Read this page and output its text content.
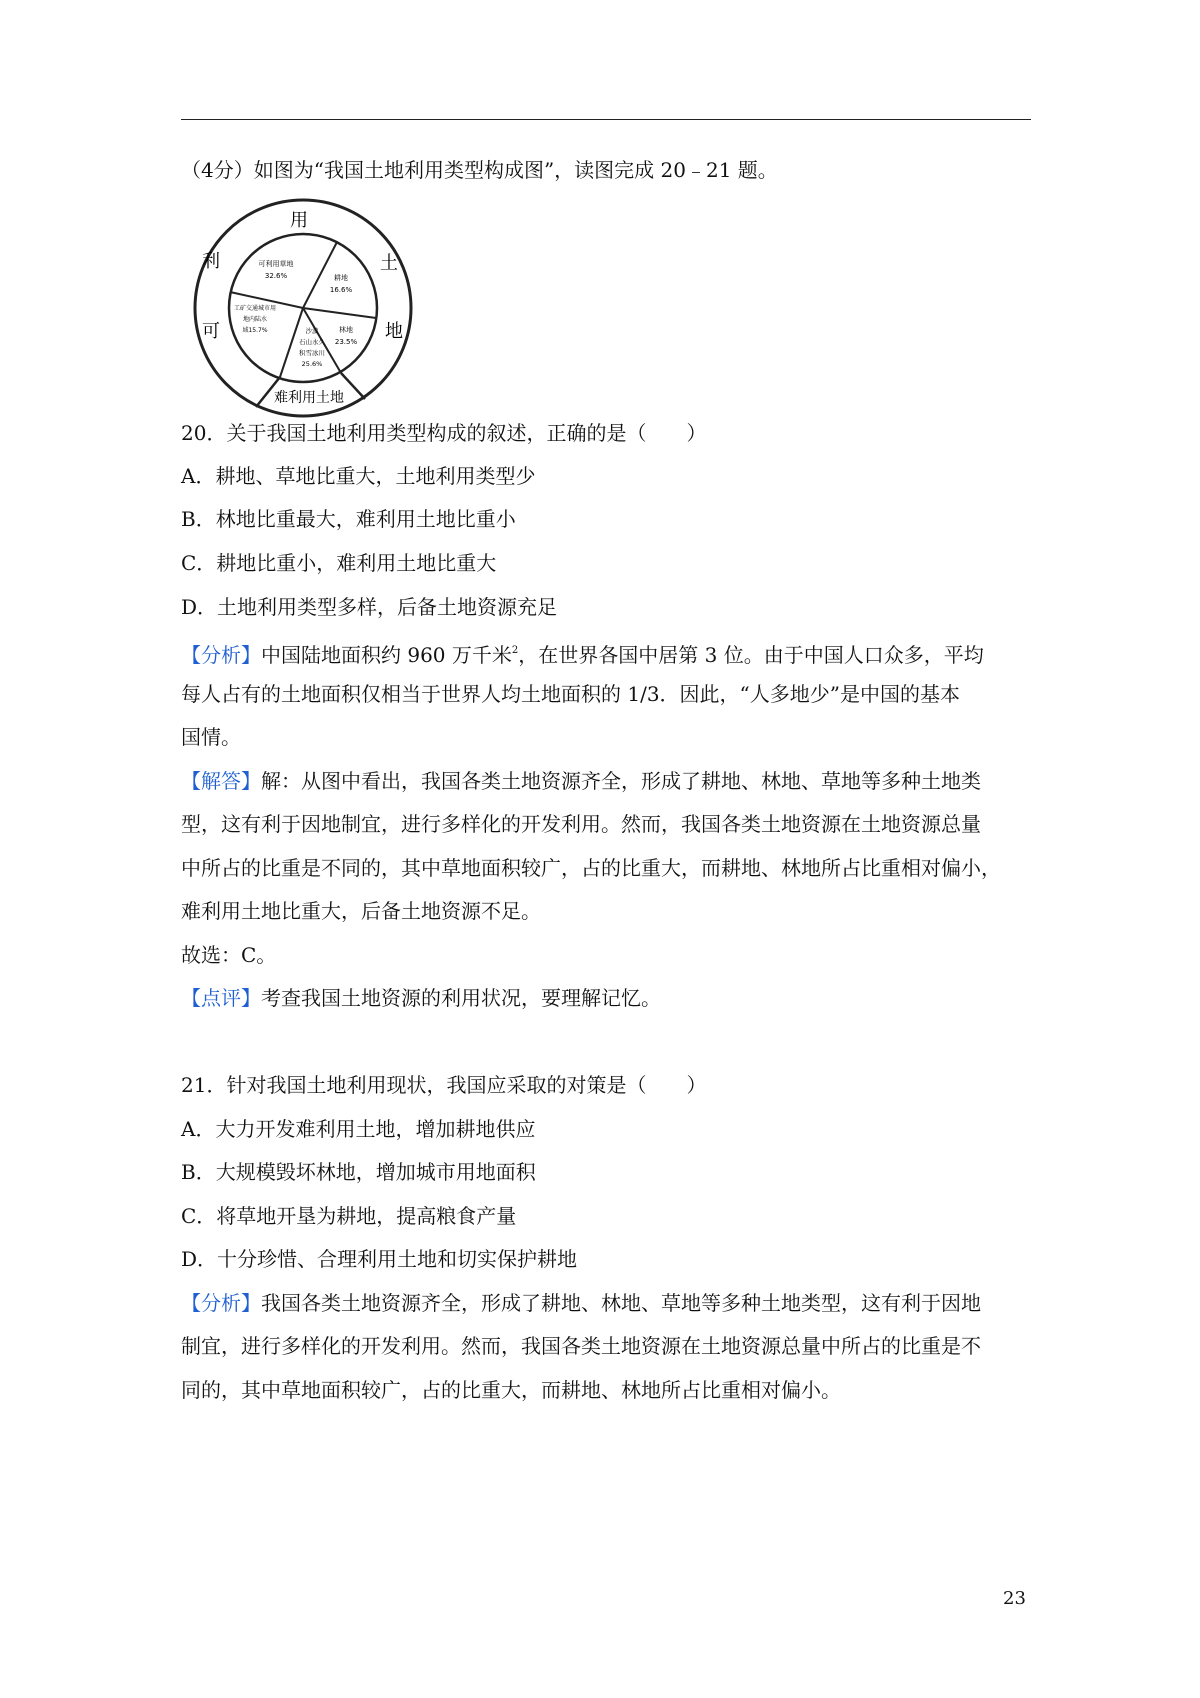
（4分）如图为“我国土地利用类型构成图”，读图完成 20﹣21 题。
用
土
地
可
利
难利用土地
可利用草地
32.6%	耕地
16.6%
林地
23.5%
沙漠
石山永久
积雪冰川
25.6%
工矿交通城市用
地内陆水
域15.7%
20．关于我国土地利用类型构成的叙述，正确的是（　　）
A．耕地、草地比重大，土地利用类型少
B．林地比重最大，难利用土地比重小
C．耕地比重小，难利用土地比重大
D．土地利用类型多样，后备土地资源充足
【分析】中国陆地面积约 960 万千米$^2$，在世界各国中居第 3 位。由于中国人口众多，平均
每人占有的土地面积仅相当于世界人均土地面积的 1/3．因此，“人多地少”是中国的基本
国情。
【解答】解：从图中看出，我国各类土地资源齐全，形成了耕地、林地、草地等多种土地类
型，这有利于因地制宜，进行多样化的开发利用。然而，我国各类土地资源在土地资源总量
中所占的比重是不同的，其中草地面积较广，占的比重大，而耕地、林地所占比重相对偏小，
难利用土地比重大，后备土地资源不足。
故选：C。
【点评】考查我国土地资源的利用状况，要理解记忆。
21．针对我国土地利用现状，我国应采取的对策是（　　）
A．大力开发难利用土地，增加耕地供应
B．大规模毁坏林地，增加城市用地面积
C．将草地开垦为耕地，提高粮食产量
D．十分珍惜、合理利用土地和切实保护耕地
【分析】我国各类土地资源齐全，形成了耕地、林地、草地等多种土地类型，这有利于因地
制宜，进行多样化的开发利用。然而，我国各类土地资源在土地资源总量中所占的比重是不
同的，其中草地面积较广，占的比重大，而耕地、林地所占比重相对偏小。
23
